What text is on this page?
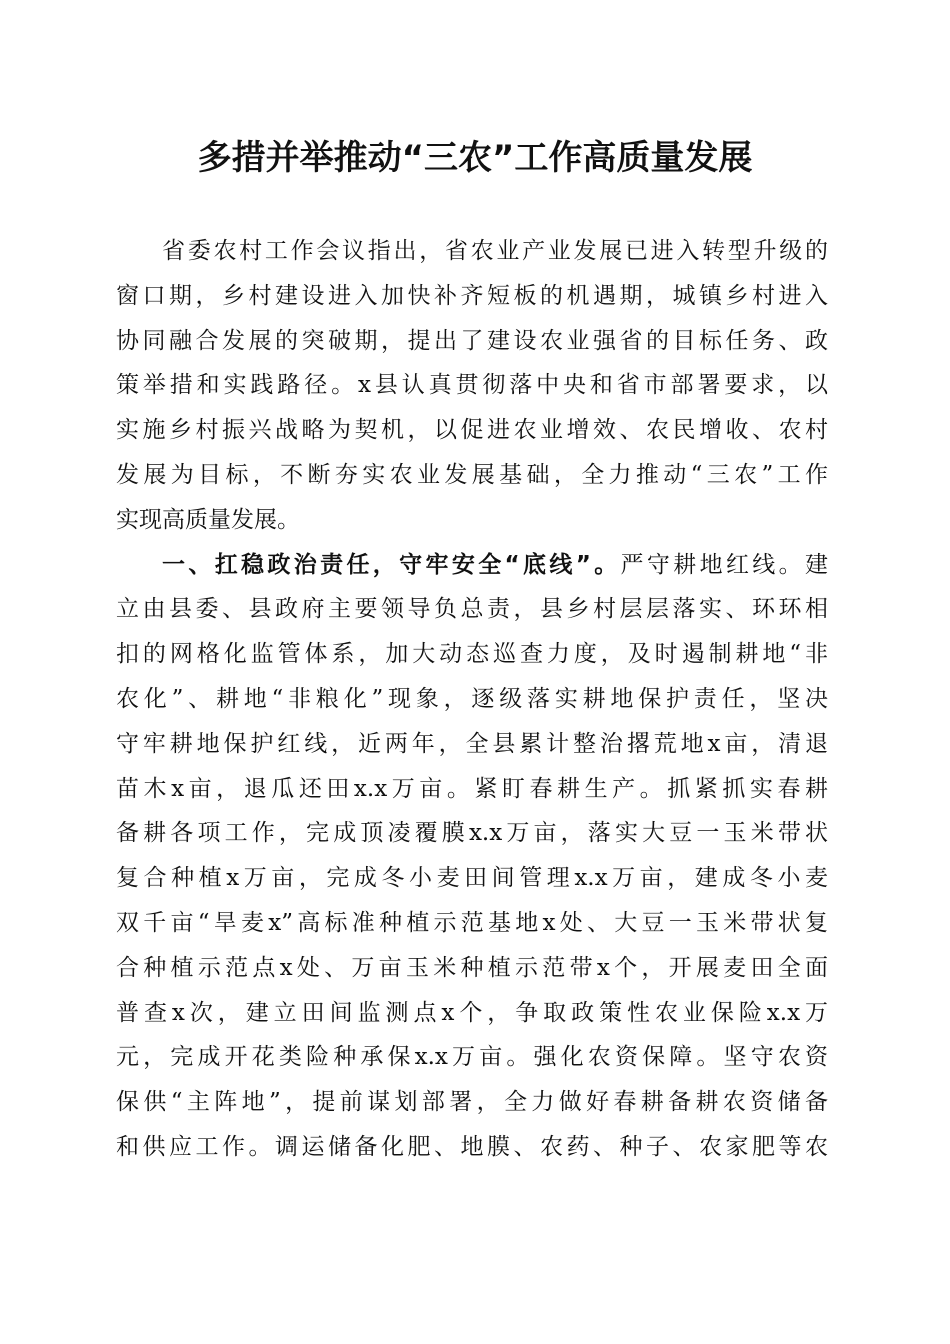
多措并举推动“三农”工作高质量发展
省委农村工作会议指出，省农业产业发展已进入转型升级的
窗口期，乡村建设进入加快补齐短板的机遇期，城镇乡村进入
协同融合发展的突破期，提出了建设农业强省的目标任务、政
策举措和实践路径。x县认真贯彻落中央和省市部署要求，以
实施乡村振兴战略为契机，以促进农业增效、农民增收、农村
发展为目标，不断夯实农业发展基础，全力推动“三农”工作
实现高质量发展。
一、扛稳政治责任，守牢安全“底线”。严守耕地红线。建
立由县委、县政府主要领导负总责，县乡村层层落实、环环相
扣的网格化监管体系，加大动态巡查力度，及时遏制耕地“非
农化”、耕地“非粮化”现象，逐级落实耕地保护责任，坚决
守牢耕地保护红线，近两年，全县累计整治撂荒地x亩，清退
苗木x亩，退瓜还田x.x万亩。紧盯春耕生产。抓紧抓实春耕
备耕各项工作，完成顶凌覆膜x.x万亩，落实大豆一玉米带状
复合种植x万亩，完成冬小麦田间管理x.x万亩，建成冬小麦
双千亩“旱麦x”高标准种植示范基地x处、大豆一玉米带状复
合种植示范点x处、万亩玉米种植示范带x个，开展麦田全面
普查x次，建立田间监测点x个，争取政策性农业保险x.x万
元，完成开花类险种承保x.x万亩。强化农资保障。坚守农资
保供“主阵地”，提前谋划部署，全力做好春耕备耕农资储备
和供应工作。调运储备化肥、地膜、农药、种子、农家肥等农
